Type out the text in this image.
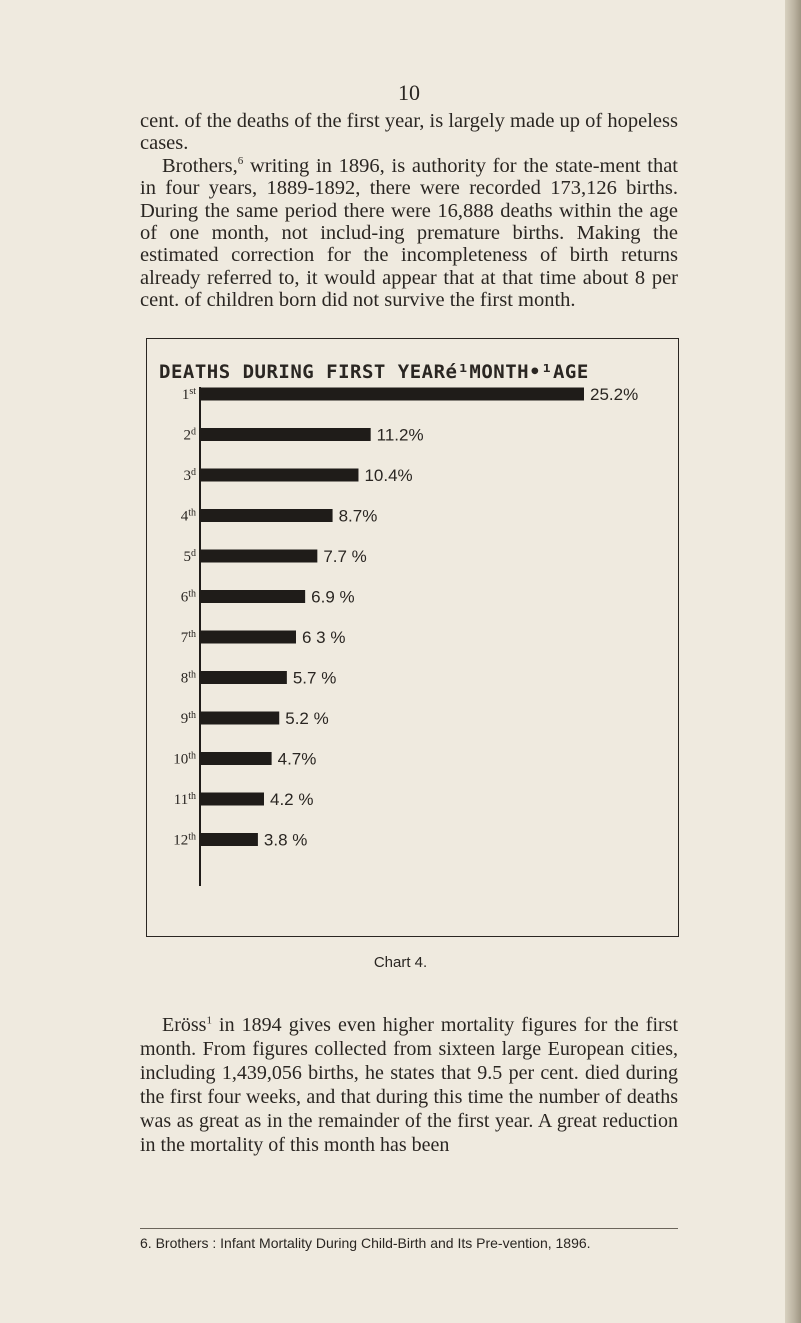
10

cent. of the deaths of the first year, is largely made up of hopeless cases.

Brothers,$^6$ writing in 1896, is authority for the state-ment that in four years, 1889-1892, there were recorded 173,126 births. During the same period there were 16,888 deaths within the age of one month, not includ-ing premature births. Making the estimated correction for the incompleteness of birth returns already referred to, it would appear that at that time about 8 per cent. of children born did not survive the first month.

DEATHS DURING FIRST YEARé¹MONTH•¹AGE
1st	25.2%
2$^d$	11.2%
3$^d$	10.4%
4th	8.7%
5$^d$	7.7 %
6th	6.9 %
7th	6 3 %
8th	5.7 %
9th	5.2 %
10th	4.7%
11th	4.2 %
12th	3.8 %
Chart 4.

Eröss$^1$ in 1894 gives even higher mortality figures for the first month. From figures collected from sixteen large European cities, including 1,439,056 births, he states that 9.5 per cent. died during the first four weeks, and that during this time the number of deaths was as great as in the remainder of the first year. A great reduction in the mortality of this month has been

6. Brothers : Infant Mortality During Child-Birth and Its Pre-vention, 1896.
